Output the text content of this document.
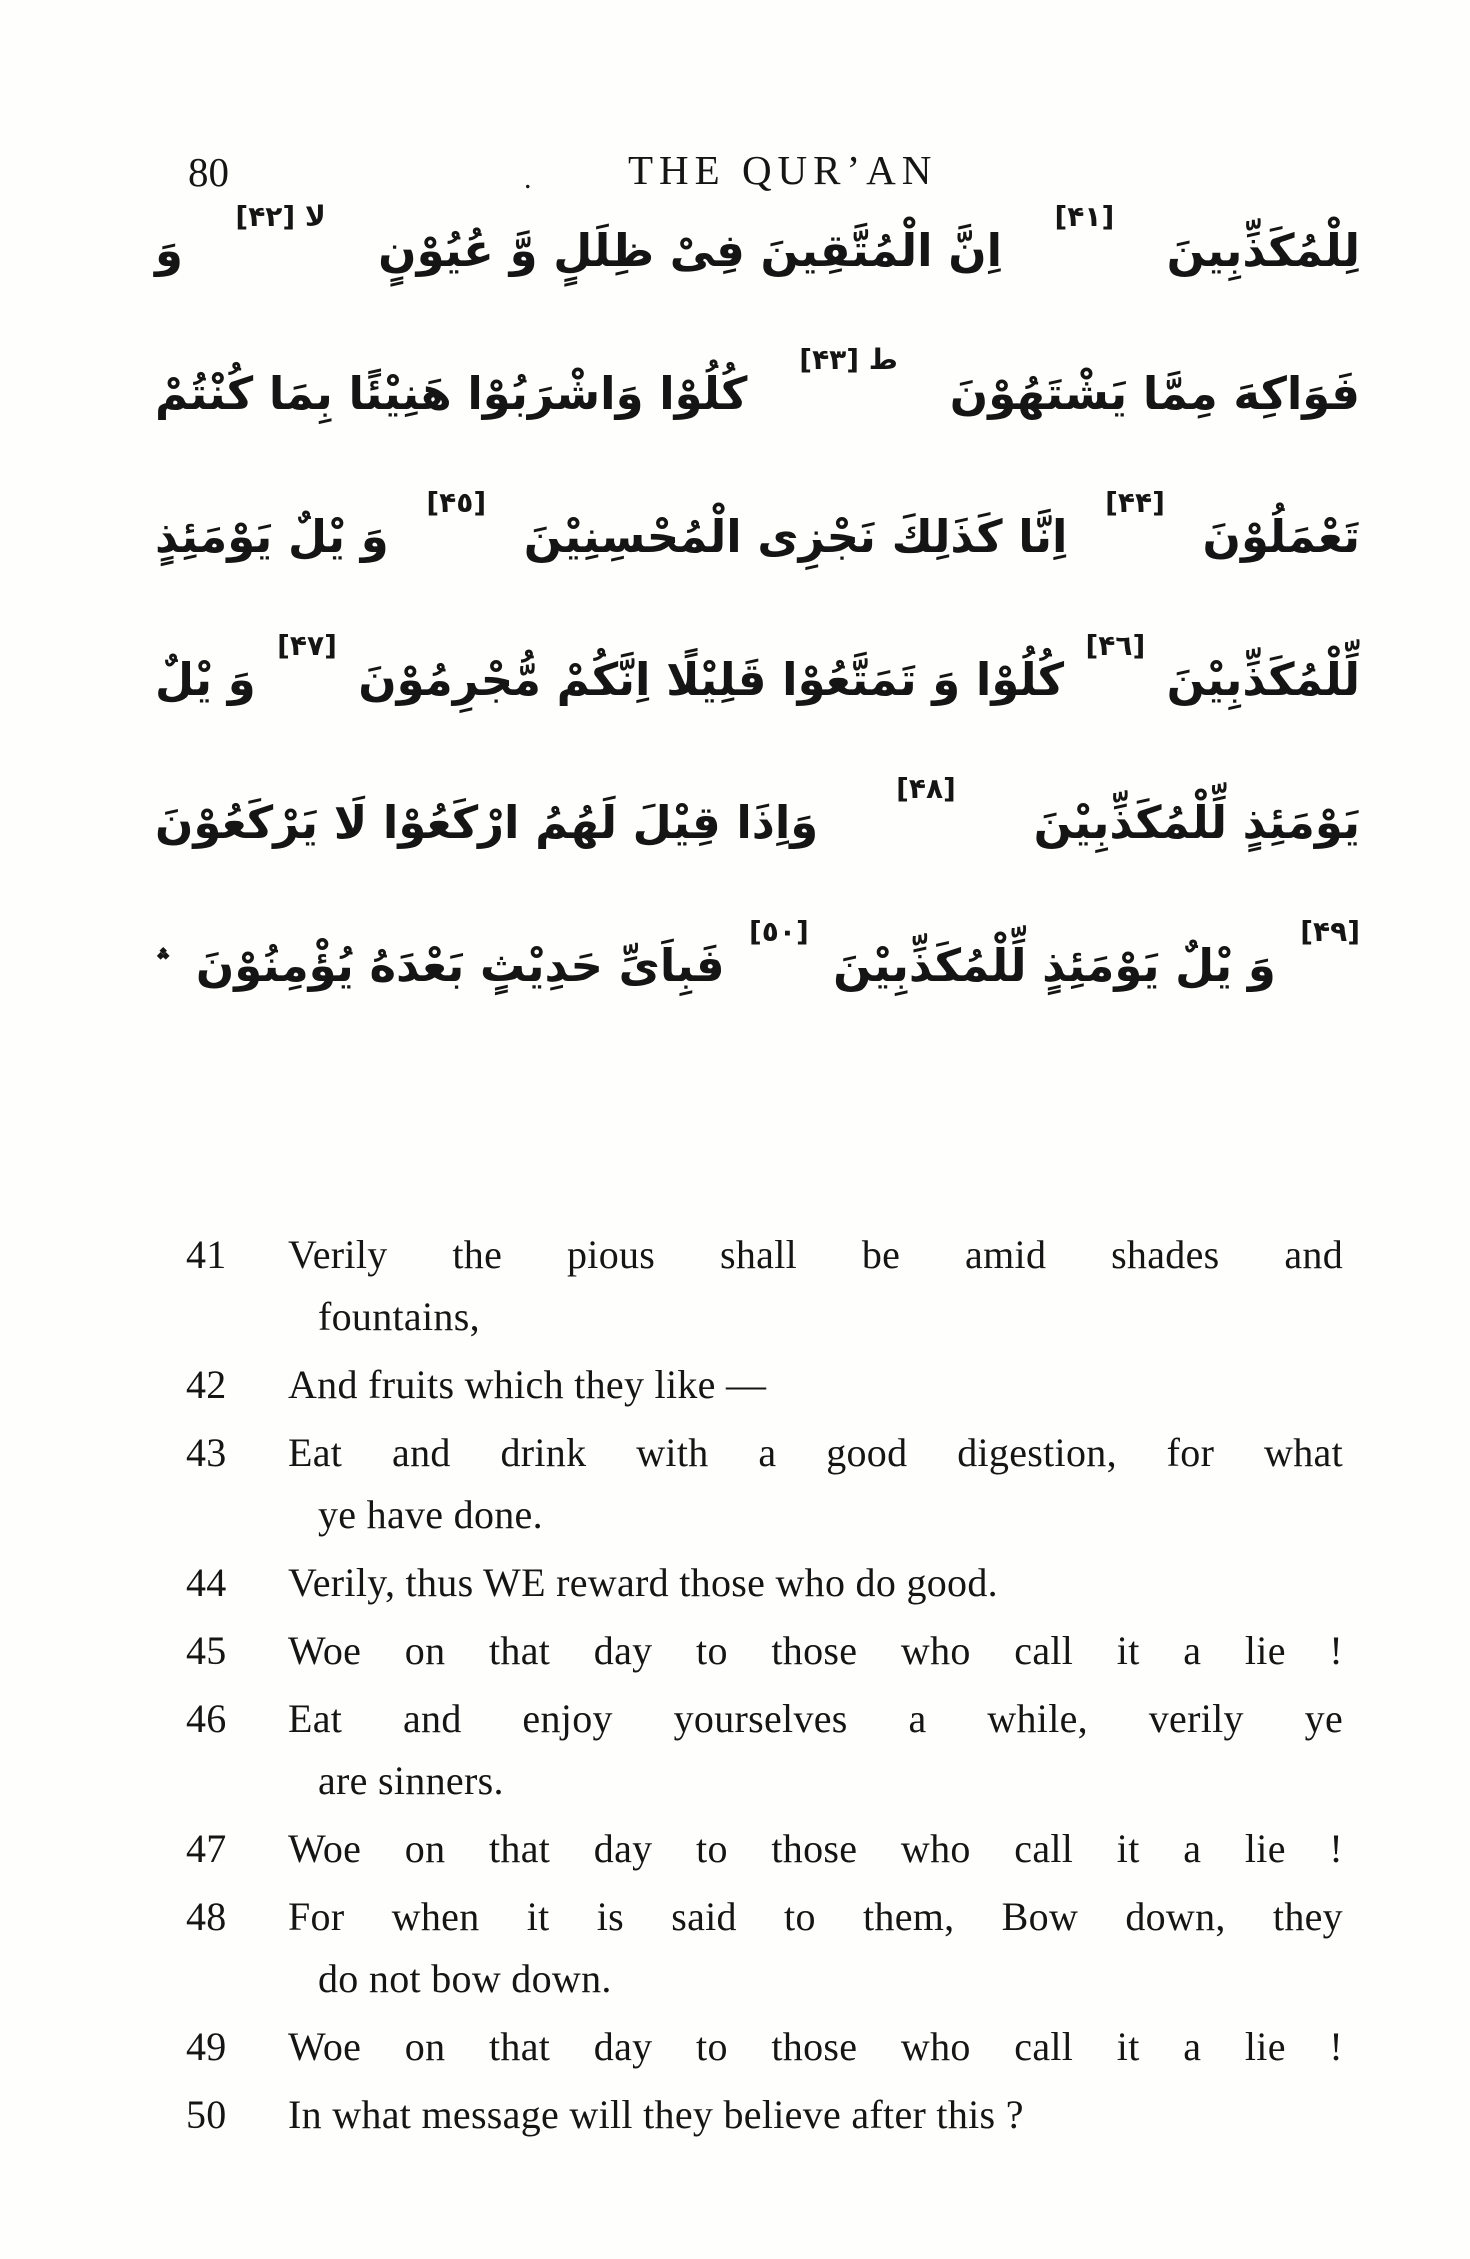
80	. THE QUR’AN
لِلْمُكَذِّبِينَ
[۴١]
اِنَّ الْمُتَّقِينَ فِىْ ظِلَلٍ وَّ عُيُوْنٍ
لا [۴٢]
وَ
فَوَاكِهَ مِمَّا يَشْتَهُوْنَ
ط [۴٣]
كُلُوْا وَاشْرَبُوْا هَنِيْئًا بِمَا كُنْتُمْ
تَعْمَلُوْنَ
[۴۴]
اِنَّا كَذَلِكَ نَجْزِى الْمُحْسِنِيْنَ
[۴٥]
وَ يْلٌ يَوْمَئِذٍ
لِّلْمُكَذِّبِيْنَ
[۴٦]
كُلُوْا وَ تَمَتَّعُوْا قَلِيْلًا اِنَّكُمْ مُّجْرِمُوْنَ
[۴٧]
وَ يْلٌ
يَوْمَئِذٍ لِّلْمُكَذِّبِيْنَ
[۴٨]
وَاِذَا قِيْلَ لَهُمُ ارْكَعُوْا لَا يَرْكَعُوْنَ
[۴٩]
وَ يْلٌ يَوْمَئِذٍ لِّلْمُكَذِّبِيْنَ
[٥٠]
فَبِاَىِّ حَدِيْثٍ بَعْدَهُ يُؤْمِنُوْنَ
؞
41	Verily the pious shall be amid shades and
fountains,
42	And fruits which they like —
43	Eat and drink with a good digestion, for what
ye have done.
44	Verily, thus WE reward those who do good.
45	Woe on that day to those who call it a lie !
46	Eat and enjoy yourselves a while, verily ye
are sinners.
47	Woe on that day to those who call it a lie !
48	For when it is said to them, Bow down, they
do not bow down.
49	Woe on that day to those who call it a lie !
50	In what message will they believe after this ?
